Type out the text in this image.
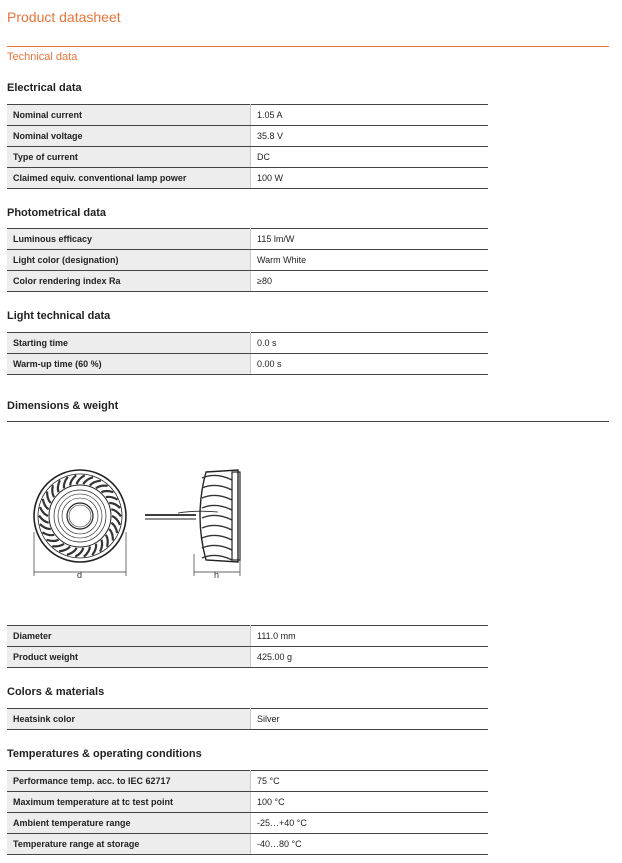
Product datasheet
Technical data
Electrical data
Nominal current	1.05 A
Nominal voltage	35.8 V
Type of current	DC
Claimed equiv. conventional lamp power	100 W
Photometrical data
Luminous efficacy	115 lm/W
Light color (designation)	Warm White
Color rendering index Ra	≥80
Light technical data
Starting time	0.0 s
Warm-up time (60 %)	0.00 s
Dimensions & weight
d	h
Diameter	111.0 mm
Product weight	425.00 g
Colors & materials
Heatsink color	Silver
Temperatures & operating conditions
Performance temp. acc. to IEC 62717	75 °C
Maximum temperature at tc test point	100 °C
Ambient temperature range	-25…+40 °C
Temperature range at storage	-40…80 °C
